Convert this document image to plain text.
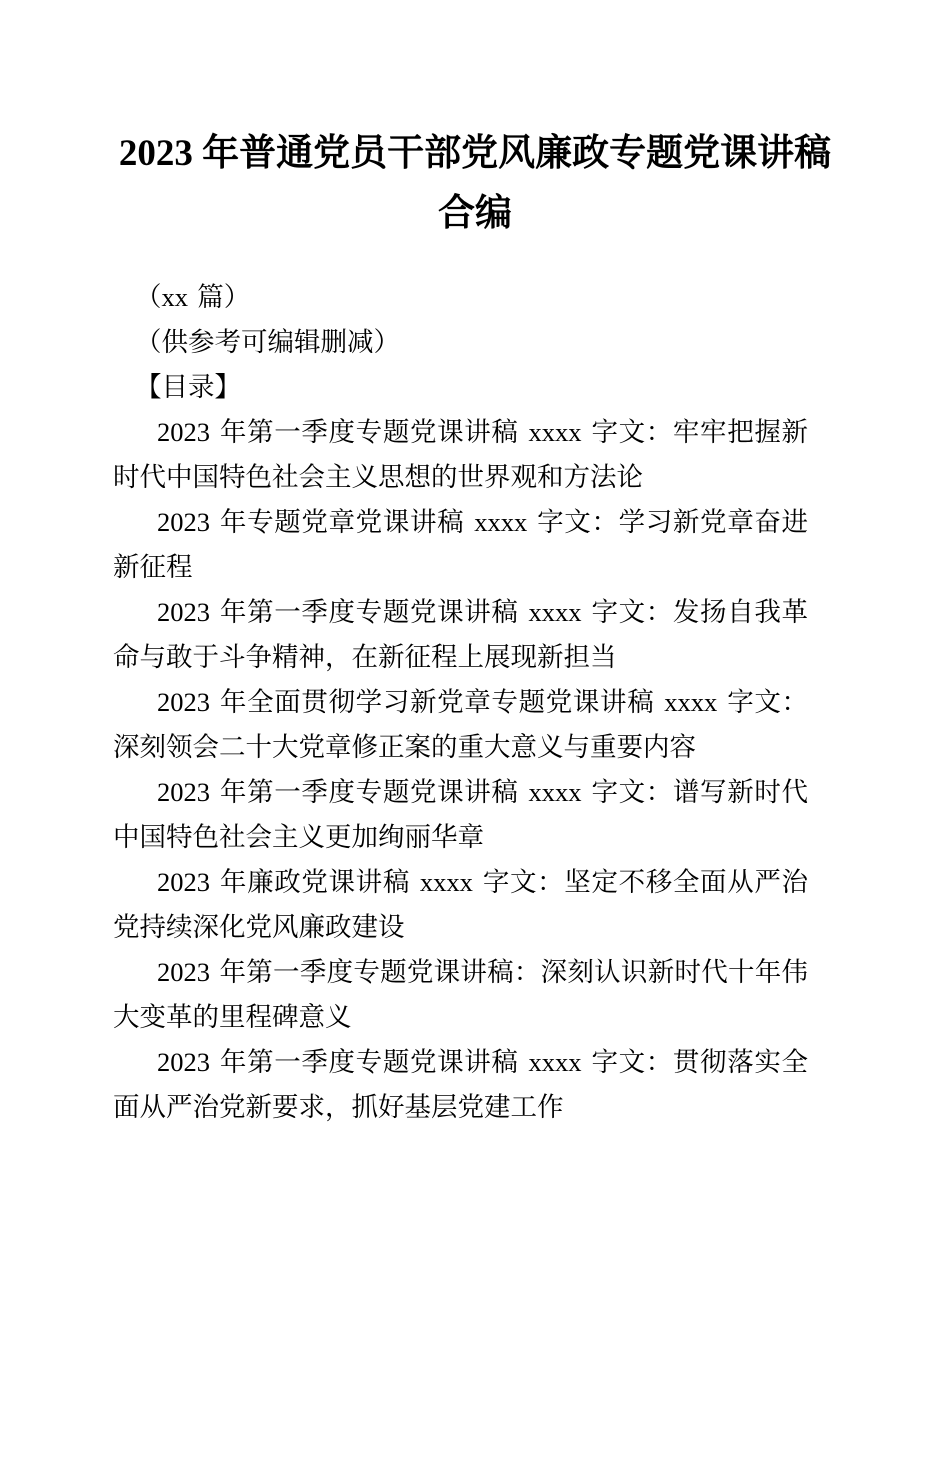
2023 年普通党员干部党风廉政专题党课讲稿合编

（xx 篇）

（供参考可编辑删减）

【目录】

2023 年第一季度专题党课讲稿 xxxx 字文：牢牢把握新时代中国特色社会主义思想的世界观和方法论

2023 年专题党章党课讲稿 xxxx 字文：学习新党章奋进新征程

2023 年第一季度专题党课讲稿 xxxx 字文：发扬自我革命与敢于斗争精神，在新征程上展现新担当

2023 年全面贯彻学习新党章专题党课讲稿 xxxx 字文：深刻领会二十大党章修正案的重大意义与重要内容

2023 年第一季度专题党课讲稿 xxxx 字文：谱写新时代中国特色社会主义更加绚丽华章

2023 年廉政党课讲稿 xxxx 字文：坚定不移全面从严治党持续深化党风廉政建设

2023 年第一季度专题党课讲稿：深刻认识新时代十年伟大变革的里程碑意义

2023 年第一季度专题党课讲稿 xxxx 字文：贯彻落实全面从严治党新要求，抓好基层党建工作
